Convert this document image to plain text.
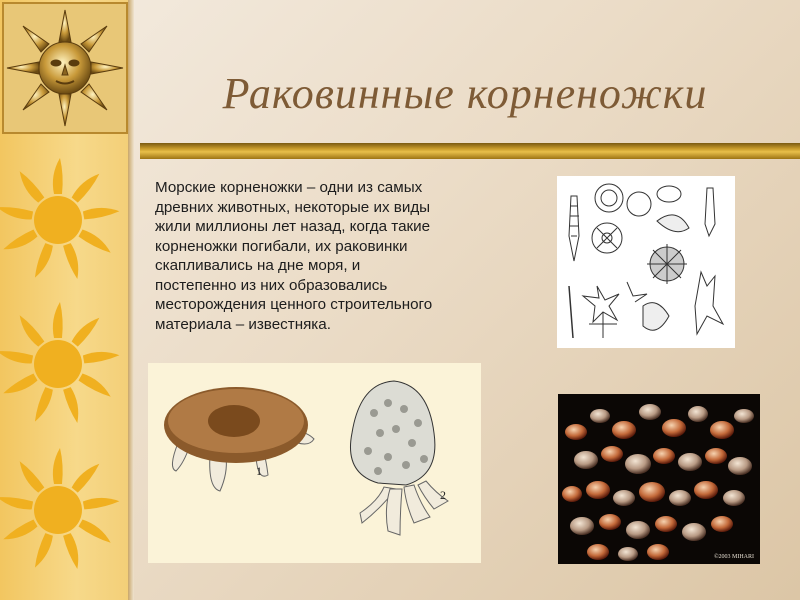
Раковинные корненожки
Морские корненожки – одни из самых
древних животных, некоторые их виды
жили миллионы лет назад, когда такие
корненожки погибали, их раковинки
скапливались на дне моря, и
постепенно из них образовались
месторождения ценного строительного
материала – известняка.
1
2
©2003 MIHARI
